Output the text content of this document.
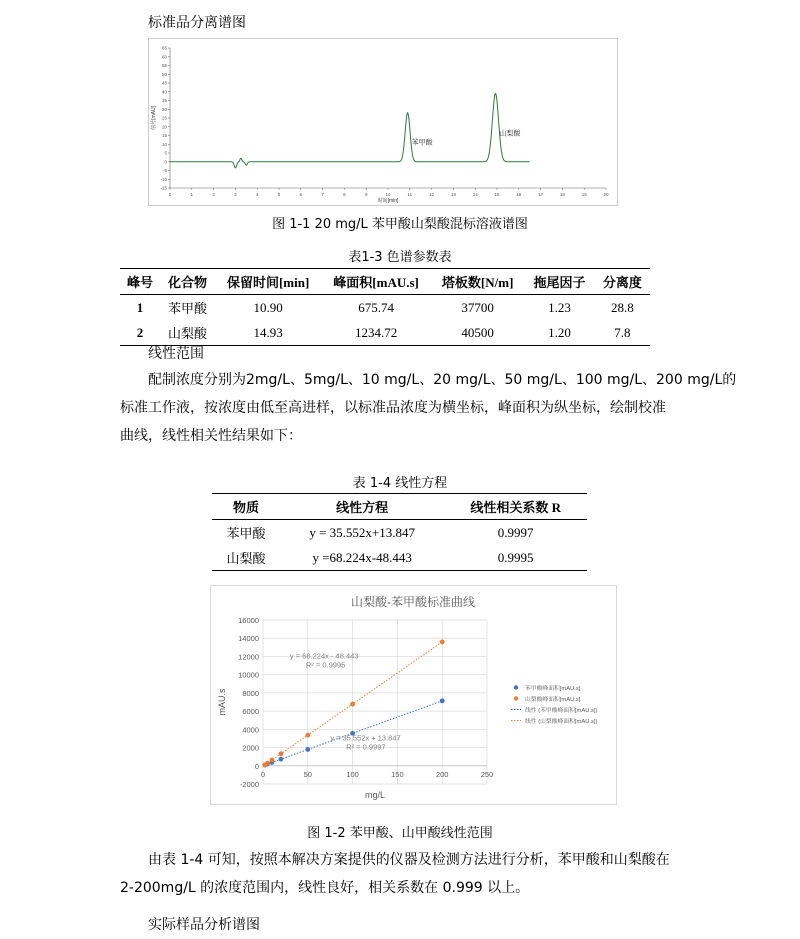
标准品分离谱图
0	1	2	3	4	5	6	7	8	9	10	11	12	13	14	15	16	17	18	19	20
-15
-10
-5
0
5
10
15
20
25
30
35
40
45
50
55
60
65
苯甲酸
山梨酸
时间[min]
信号[mAU]
图 1-1 20 mg/L 苯甲酸山梨酸混标溶液谱图
表1-3 色谱参数表
峰号	化合物	保留时间[min]	峰面积[mAU.s]	塔板数[N/m]	拖尾因子	分离度
1	苯甲酸	10.90	675.74	37700	1.23	28.8
2	山梨酸	14.93	1234.72	40500	1.20	7.8
线性范围
配制浓度分别为2mg/L、5mg/L、10 mg/L、20 mg/L、50 mg/L、100 mg/L、200 mg/L的
标准工作液，按浓度由低至高进样，以标准品浓度为横坐标，峰面积为纵坐标，绘制校准
曲线，线性相关性结果如下：
表 1-4 线性方程
物质	线性方程	线性相关系数 R
苯甲酸	y = 35.552x+13.847	0.9997
山梨酸	y =68.224x-48.443	0.9995
山梨酸-苯甲酸标准曲线
-2000
0
2000
4000
6000
8000
10000
12000
14000
16000
0	50	100	150	200	250
y = 68.224x - 48.443
R² = 0.9995
y = 35.552x + 13.847
R² = 0.9997
苯甲酸峰面积[mAU.s]
山梨酸峰面积[mAU.s]
线性 (苯甲酸峰面积[mAU.s])
线性 (山梨酸峰面积[mAU.s])
mg/L
mAU.s
图 1-2 苯甲酸、山甲酸线性范围
由表 1-4 可知，按照本解决方案提供的仪器及检测方法进行分析，苯甲酸和山梨酸在
2-200mg/L 的浓度范围内，线性良好，相关系数在 0.999 以上。
实际样品分析谱图
